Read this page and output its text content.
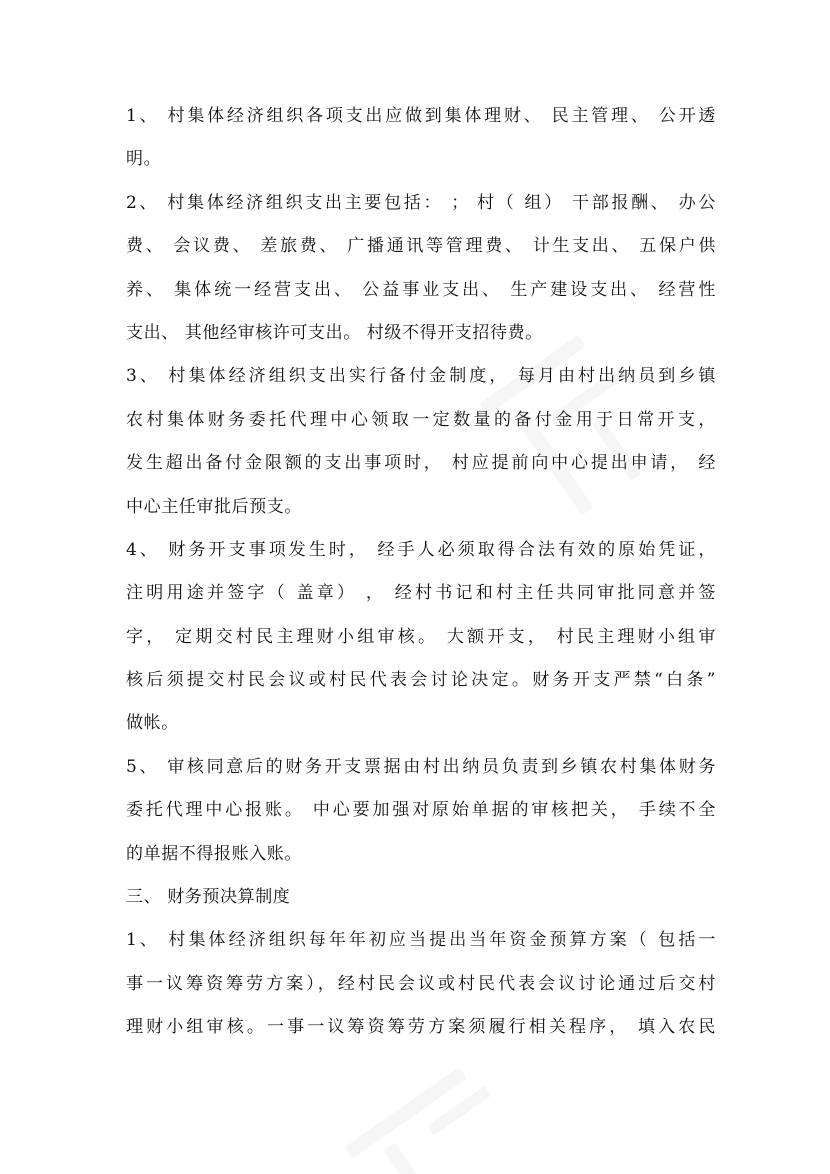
1、 村集体经济组织各项支出应做到集体理财、 民主管理、 公开透
明。
2、 村集体经济组织支出主要包括： ； 村（ 组） 干部报酬、 办公
费、 会议费、 差旅费、 广播通讯等管理费、 计生支出、 五保户供
养、 集体统一经营支出、 公益事业支出、 生产建设支出、 经营性
支出、 其他经审核许可支出。 村级不得开支招待费。
3、 村集体经济组织支出实行备付金制度， 每月由村出纳员到乡镇
农村集体财务委托代理中心领取一定数量的备付金用于日常开支，
发生超出备付金限额的支出事项时， 村应提前向中心提出申请， 经
中心主任审批后预支。
4、 财务开支事项发生时， 经手人必须取得合法有效的原始凭证，
注明用途并签字（ 盖章） ， 经村书记和村主任共同审批同意并签
字， 定期交村民主理财小组审核。 大额开支， 村民主理财小组审
核后须提交村民会议或村民代表会讨论决定。财务开支严禁“白条”
做帐。
5、 审核同意后的财务开支票据由村出纳员负责到乡镇农村集体财务
委托代理中心报账。 中心要加强对原始单据的审核把关， 手续不全
的单据不得报账入账。
三、 财务预决算制度
1、 村集体经济组织每年年初应当提出当年资金预算方案（ 包括一
事一议筹资筹劳方案），经村民会议或村民代表会议讨论通过后交村
理财小组审核。一事一议筹资筹劳方案须履行相关程序， 填入农民
